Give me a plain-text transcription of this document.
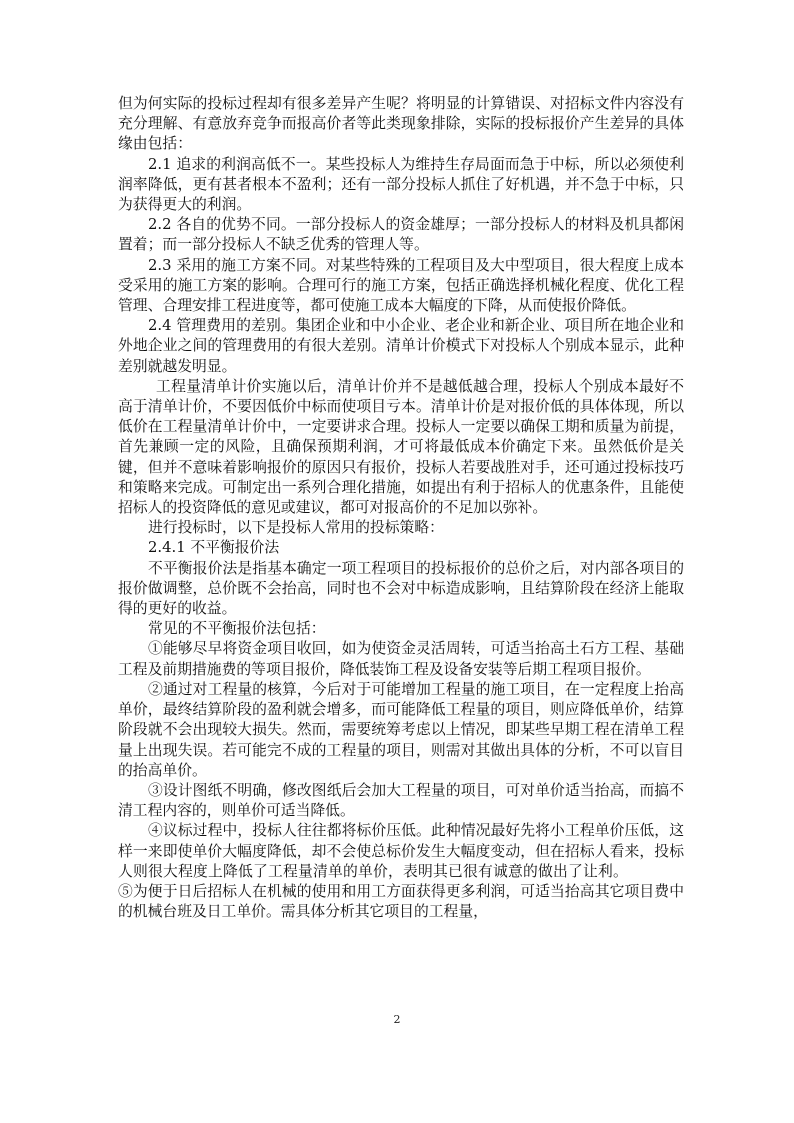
但为何实际的投标过程却有很多差异产生呢？将明显的计算错误、对招标文件内容没有充分理解、有意放弃竞争而报高价者等此类现象排除，实际的投标报价产生差异的具体缘由包括：

2.1 追求的利润高低不一。某些投标人为维持生存局面而急于中标，所以必须使利润率降低，更有甚者根本不盈利；还有一部分投标人抓住了好机遇，并不急于中标，只为获得更大的利润。

2.2 各自的优势不同。一部分投标人的资金雄厚；一部分投标人的材料及机具都闲置着；而一部分投标人不缺乏优秀的管理人等。

2.3 采用的施工方案不同。对某些特殊的工程项目及大中型项目，很大程度上成本受采用的施工方案的影响。合理可行的施工方案，包括正确选择机械化程度、优化工程管理、合理安排工程进度等，都可使施工成本大幅度的下降，从而使报价降低。

2.4 管理费用的差别。集团企业和中小企业、老企业和新企业、项目所在地企业和外地企业之间的管理费用的有很大差别。清单计价模式下对投标人个别成本显示，此种差别就越发明显。

工程量清单计价实施以后，清单计价并不是越低越合理，投标人个别成本最好不高于清单计价，不要因低价中标而使项目亏本。清单计价是对报价低的具体体现，所以低价在工程量清单计价中，一定要讲求合理。投标人一定要以确保工期和质量为前提，首先兼顾一定的风险，且确保预期利润，才可将最低成本价确定下来。虽然低价是关键，但并不意味着影响报价的原因只有报价，投标人若要战胜对手，还可通过投标技巧和策略来完成。可制定出一系列合理化措施，如提出有利于招标人的优惠条件，且能使招标人的投资降低的意见或建议，都可对报高价的不足加以弥补。

进行投标时，以下是投标人常用的投标策略：

2.4.1 不平衡报价法

不平衡报价法是指基本确定一项工程项目的投标报价的总价之后，对内部各项目的报价做调整，总价既不会抬高，同时也不会对中标造成影响，且结算阶段在经济上能取得的更好的收益。

常见的不平衡报价法包括：

①能够尽早将资金项目收回，如为使资金灵活周转，可适当抬高土石方工程、基础工程及前期措施费的等项目报价，降低装饰工程及设备安装等后期工程项目报价。

②通过对工程量的核算，今后对于可能增加工程量的施工项目，在一定程度上抬高单价，最终结算阶段的盈利就会增多，而可能降低工程量的项目，则应降低单价，结算阶段就不会出现较大损失。然而，需要统筹考虑以上情况，即某些早期工程在清单工程量上出现失误。若可能完不成的工程量的项目，则需对其做出具体的分析，不可以盲目的抬高单价。

③设计图纸不明确，修改图纸后会加大工程量的项目，可对单价适当抬高，而搞不清工程内容的，则单价可适当降低。

④议标过程中，投标人往往都将标价压低。此种情况最好先将小工程单价压低，这样一来即使单价大幅度降低，却不会使总标价发生大幅度变动，但在招标人看来，投标人则很大程度上降低了工程量清单的单价，表明其已很有诚意的做出了让利。⑤为便于日后招标人在机械的使用和用工方面获得更多利润，可适当抬高其它项目费中的机械台班及日工单价。需具体分析其它项目的工程量，

2
